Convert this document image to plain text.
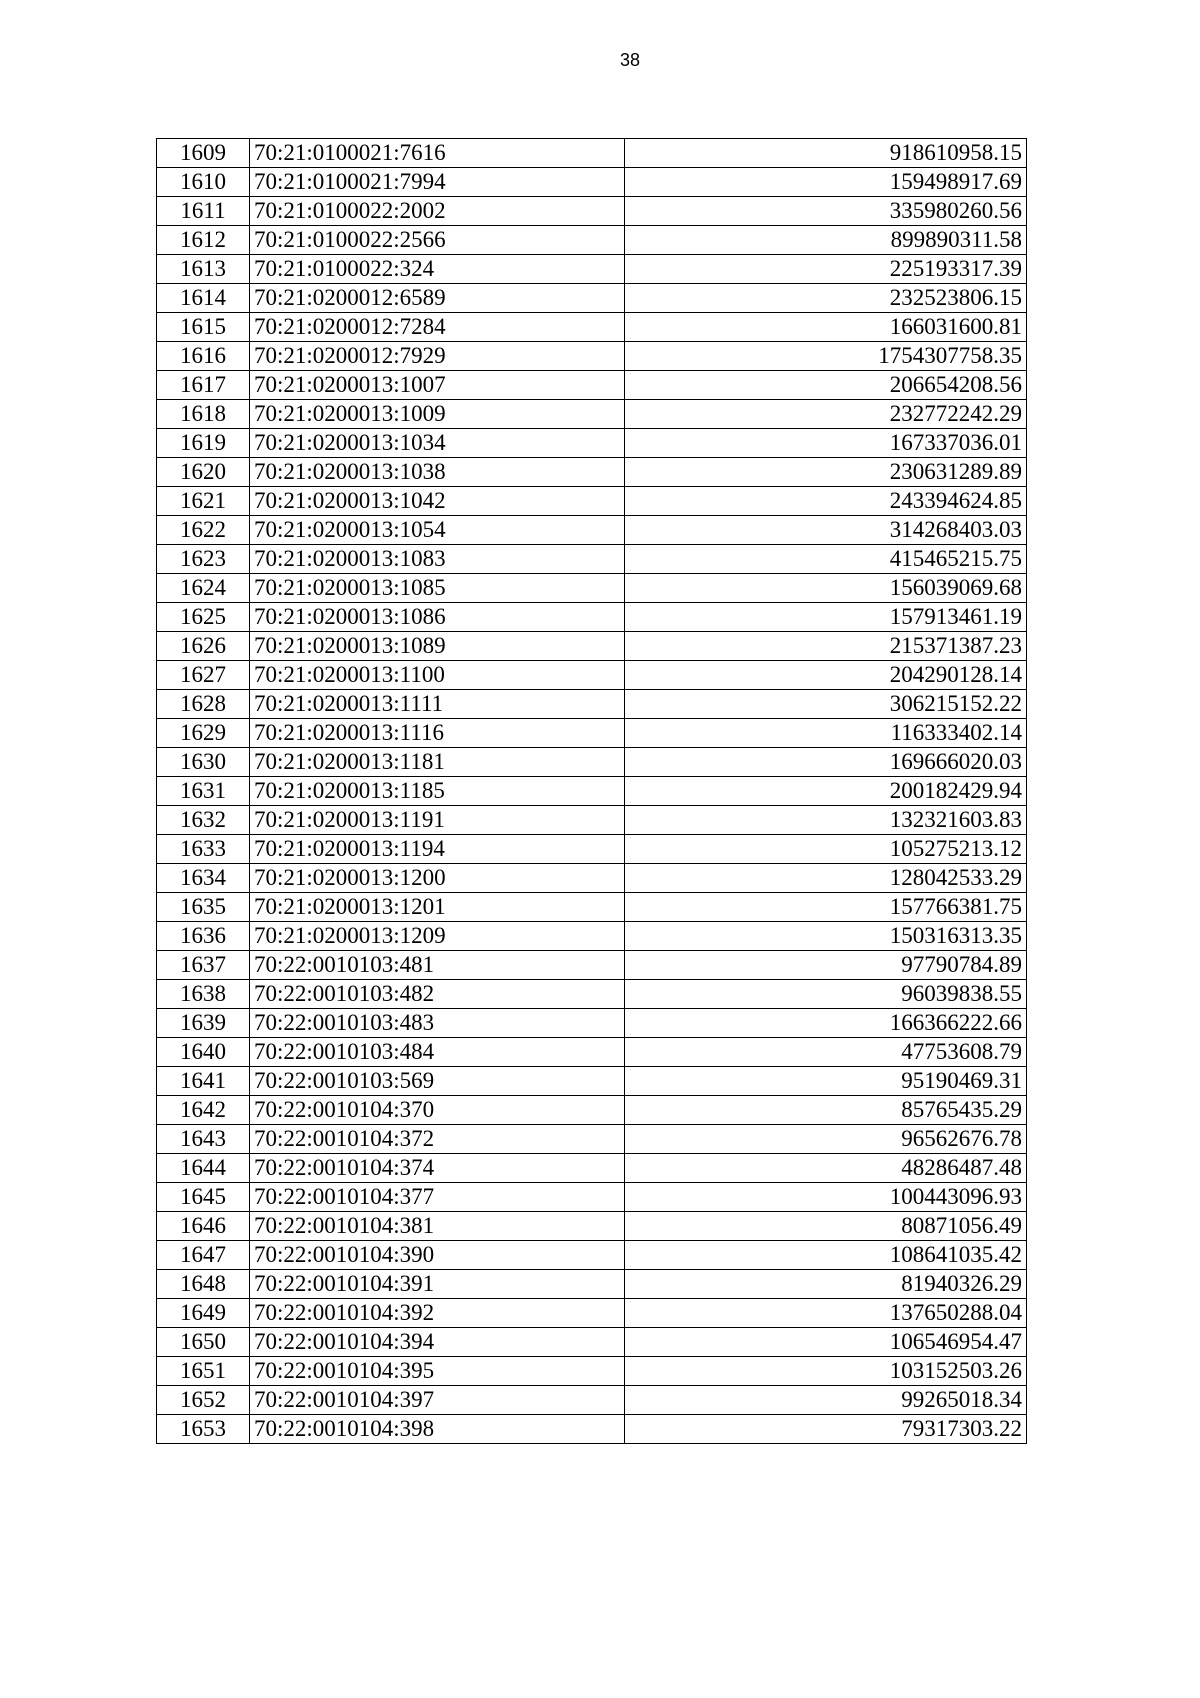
38
1609	70:21:0100021:7616	918610958.15
1610	70:21:0100021:7994	159498917.69
1611	70:21:0100022:2002	335980260.56
1612	70:21:0100022:2566	899890311.58
1613	70:21:0100022:324	225193317.39
1614	70:21:0200012:6589	232523806.15
1615	70:21:0200012:7284	166031600.81
1616	70:21:0200012:7929	1754307758.35
1617	70:21:0200013:1007	206654208.56
1618	70:21:0200013:1009	232772242.29
1619	70:21:0200013:1034	167337036.01
1620	70:21:0200013:1038	230631289.89
1621	70:21:0200013:1042	243394624.85
1622	70:21:0200013:1054	314268403.03
1623	70:21:0200013:1083	415465215.75
1624	70:21:0200013:1085	156039069.68
1625	70:21:0200013:1086	157913461.19
1626	70:21:0200013:1089	215371387.23
1627	70:21:0200013:1100	204290128.14
1628	70:21:0200013:1111	306215152.22
1629	70:21:0200013:1116	116333402.14
1630	70:21:0200013:1181	169666020.03
1631	70:21:0200013:1185	200182429.94
1632	70:21:0200013:1191	132321603.83
1633	70:21:0200013:1194	105275213.12
1634	70:21:0200013:1200	128042533.29
1635	70:21:0200013:1201	157766381.75
1636	70:21:0200013:1209	150316313.35
1637	70:22:0010103:481	97790784.89
1638	70:22:0010103:482	96039838.55
1639	70:22:0010103:483	166366222.66
1640	70:22:0010103:484	47753608.79
1641	70:22:0010103:569	95190469.31
1642	70:22:0010104:370	85765435.29
1643	70:22:0010104:372	96562676.78
1644	70:22:0010104:374	48286487.48
1645	70:22:0010104:377	100443096.93
1646	70:22:0010104:381	80871056.49
1647	70:22:0010104:390	108641035.42
1648	70:22:0010104:391	81940326.29
1649	70:22:0010104:392	137650288.04
1650	70:22:0010104:394	106546954.47
1651	70:22:0010104:395	103152503.26
1652	70:22:0010104:397	99265018.34
1653	70:22:0010104:398	79317303.22
